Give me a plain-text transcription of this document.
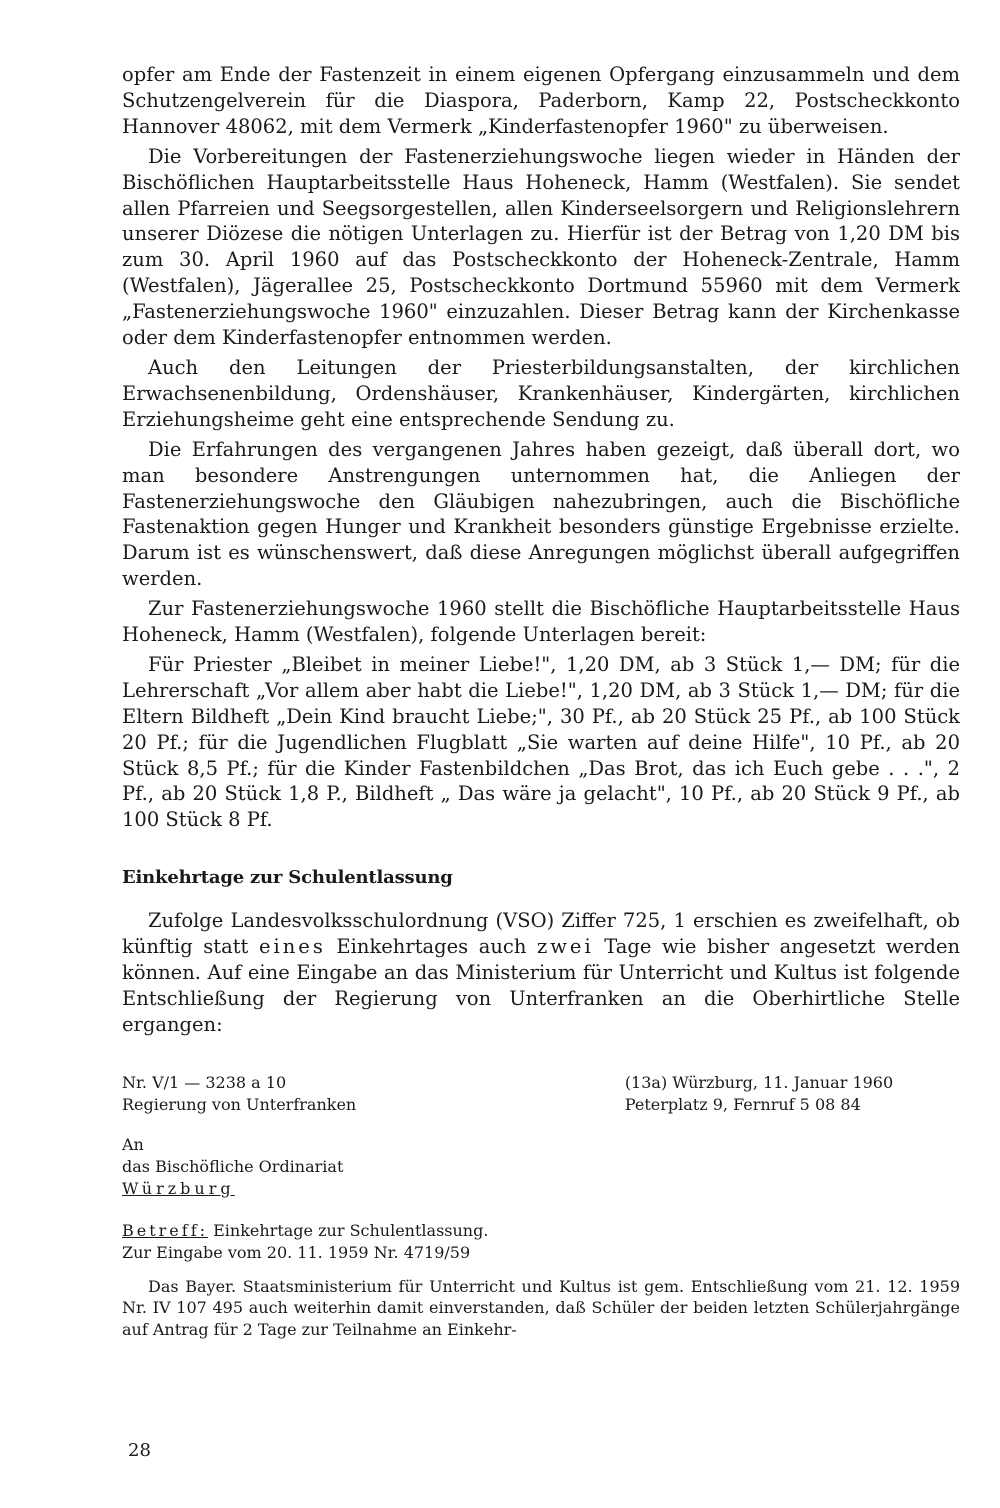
opfer am Ende der Fastenzeit in einem eigenen Opfergang einzusammeln und dem Schutzengelverein für die Diaspora, Paderborn, Kamp 22, Postscheckkonto Hannover 48062, mit dem Vermerk „Kinderfastenopfer 1960" zu überweisen.

Die Vorbereitungen der Fastenerziehungswoche liegen wieder in Händen der Bischöflichen Hauptarbeitsstelle Haus Hoheneck, Hamm (Westfalen). Sie sendet allen Pfarreien und Seegsorgestellen, allen Kinderseelsorgern und Religionslehrern unserer Diözese die nötigen Unterlagen zu. Hierfür ist der Betrag von 1,20 DM bis zum 30. April 1960 auf das Postscheckkonto der Hoheneck-Zentrale, Hamm (Westfalen), Jägerallee 25, Postscheckkonto Dortmund 55960 mit dem Vermerk „Fastenerziehungswoche 1960" einzuzahlen. Dieser Betrag kann der Kirchenkasse oder dem Kinderfastenopfer entnommen werden.

Auch den Leitungen der Priesterbildungsanstalten, der kirchlichen Erwachsenenbildung, Ordenshäuser, Krankenhäuser, Kindergärten, kirchlichen Erziehungsheime geht eine entsprechende Sendung zu.

Die Erfahrungen des vergangenen Jahres haben gezeigt, daß überall dort, wo man besondere Anstrengungen unternommen hat, die Anliegen der Fastenerziehungswoche den Gläubigen nahezubringen, auch die Bischöfliche Fastenaktion gegen Hunger und Krankheit besonders günstige Ergebnisse erzielte. Darum ist es wünschenswert, daß diese Anregungen möglichst überall aufgegriffen werden.

Zur Fastenerziehungswoche 1960 stellt die Bischöfliche Hauptarbeitsstelle Haus Hoheneck, Hamm (Westfalen), folgende Unterlagen bereit:

Für Priester „Bleibet in meiner Liebe!", 1,20 DM, ab 3 Stück 1,— DM; für die Lehrerschaft „Vor allem aber habt die Liebe!", 1,20 DM, ab 3 Stück 1,— DM; für die Eltern Bildheft „Dein Kind braucht Liebe;", 30 Pf., ab 20 Stück 25 Pf., ab 100 Stück 20 Pf.; für die Jugendlichen Flugblatt „Sie warten auf deine Hilfe", 10 Pf., ab 20 Stück 8,5 Pf.; für die Kinder Fastenbildchen „Das Brot, das ich Euch gebe . . .", 2 Pf., ab 20 Stück 1,8 P., Bildheft „ Das wäre ja gelacht", 10 Pf., ab 20 Stück 9 Pf., ab 100 Stück 8 Pf.

Einkehrtage zur Schulentlassung

Zufolge Landesvolksschulordnung (VSO) Ziffer 725, 1 erschien es zweifelhaft, ob künftig statt eines Einkehrtages auch zwei Tage wie bisher angesetzt werden können. Auf eine Eingabe an das Ministerium für Unterricht und Kultus ist folgende Entschließung der Regierung von Unterfranken an die Oberhirtliche Stelle ergangen:

Nr. V/1 — 3238 a 10
Regierung von Unterfranken
(13a) Würzburg, 11. Januar 1960
Peterplatz 9, Fernruf 5 08 84
An
das Bischöfliche Ordinariat
Würzburg
Betreff: Einkehrtage zur Schulentlassung.
Zur Eingabe vom 20. 11. 1959 Nr. 4719/59

Das Bayer. Staatsministerium für Unterricht und Kultus ist gem. Entschließung vom 21. 12. 1959 Nr. IV 107 495 auch weiterhin damit einverstanden, daß Schüler der beiden letzten Schülerjahrgänge auf Antrag für 2 Tage zur Teilnahme an Einkehr-

28
